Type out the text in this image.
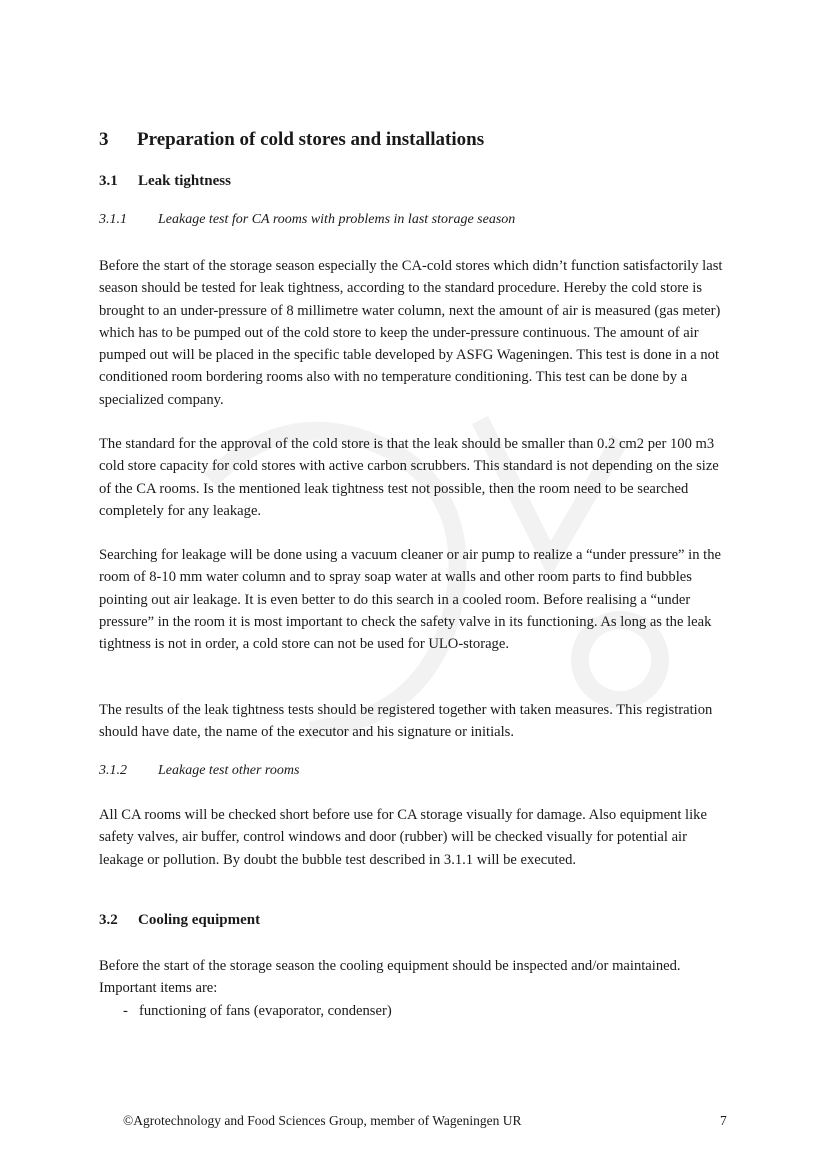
3 Preparation of cold stores and installations
3.1 Leak tightness
3.1.1 Leakage test for CA rooms with problems in last storage season

Before the start of the storage season especially the CA-cold stores which didn’t function satisfactorily last season should be tested for leak tightness, according to the standard procedure. Hereby the cold store is brought to an under-pressure of 8 millimetre water column, next the amount of air is measured (gas meter) which has to be pumped out of the cold store to keep the under-pressure continuous. The amount of air pumped out will be placed in the specific table developed by ASFG Wageningen. This test is done in a not conditioned room bordering rooms also with no temperature conditioning. This test can be done by a specialized company.

The standard for the approval of the cold store is that the leak should be smaller than 0.2 cm2 per 100 m3 cold store capacity for cold stores with active carbon scrubbers. This standard is not depending on the size of the CA rooms. Is the mentioned leak tightness test not possible, then the room need to be searched completely for any leakage.

Searching for leakage will be done using a vacuum cleaner or air pump to realize a “under pressure” in the room of 8-10 mm water column and to spray soap water at walls and other room parts to find bubbles pointing out air leakage. It is even better to do this search in a cooled room. Before realising a “under pressure” in the room it is most important to check the safety valve in its functioning. As long as the leak tightness is not in order, a cold store can not be used for ULO-storage.

The results of the leak tightness tests should be registered together with taken measures. This registration should have date, the name of the executor and his signature or initials.

3.1.2 Leakage test other rooms

All CA rooms will be checked short before use for CA storage visually for damage. Also equipment like safety valves, air buffer, control windows and door (rubber) will be checked visually for potential air leakage or pollution. By doubt the bubble test described in 3.1.1 will be executed.

3.2 Cooling equipment

Before the start of the storage season the cooling equipment should be inspected and/or maintained. Important items are:

- functioning of fans (evaporator, condenser)
©Agrotechnology and Food Sciences Group, member of Wageningen UR	7
